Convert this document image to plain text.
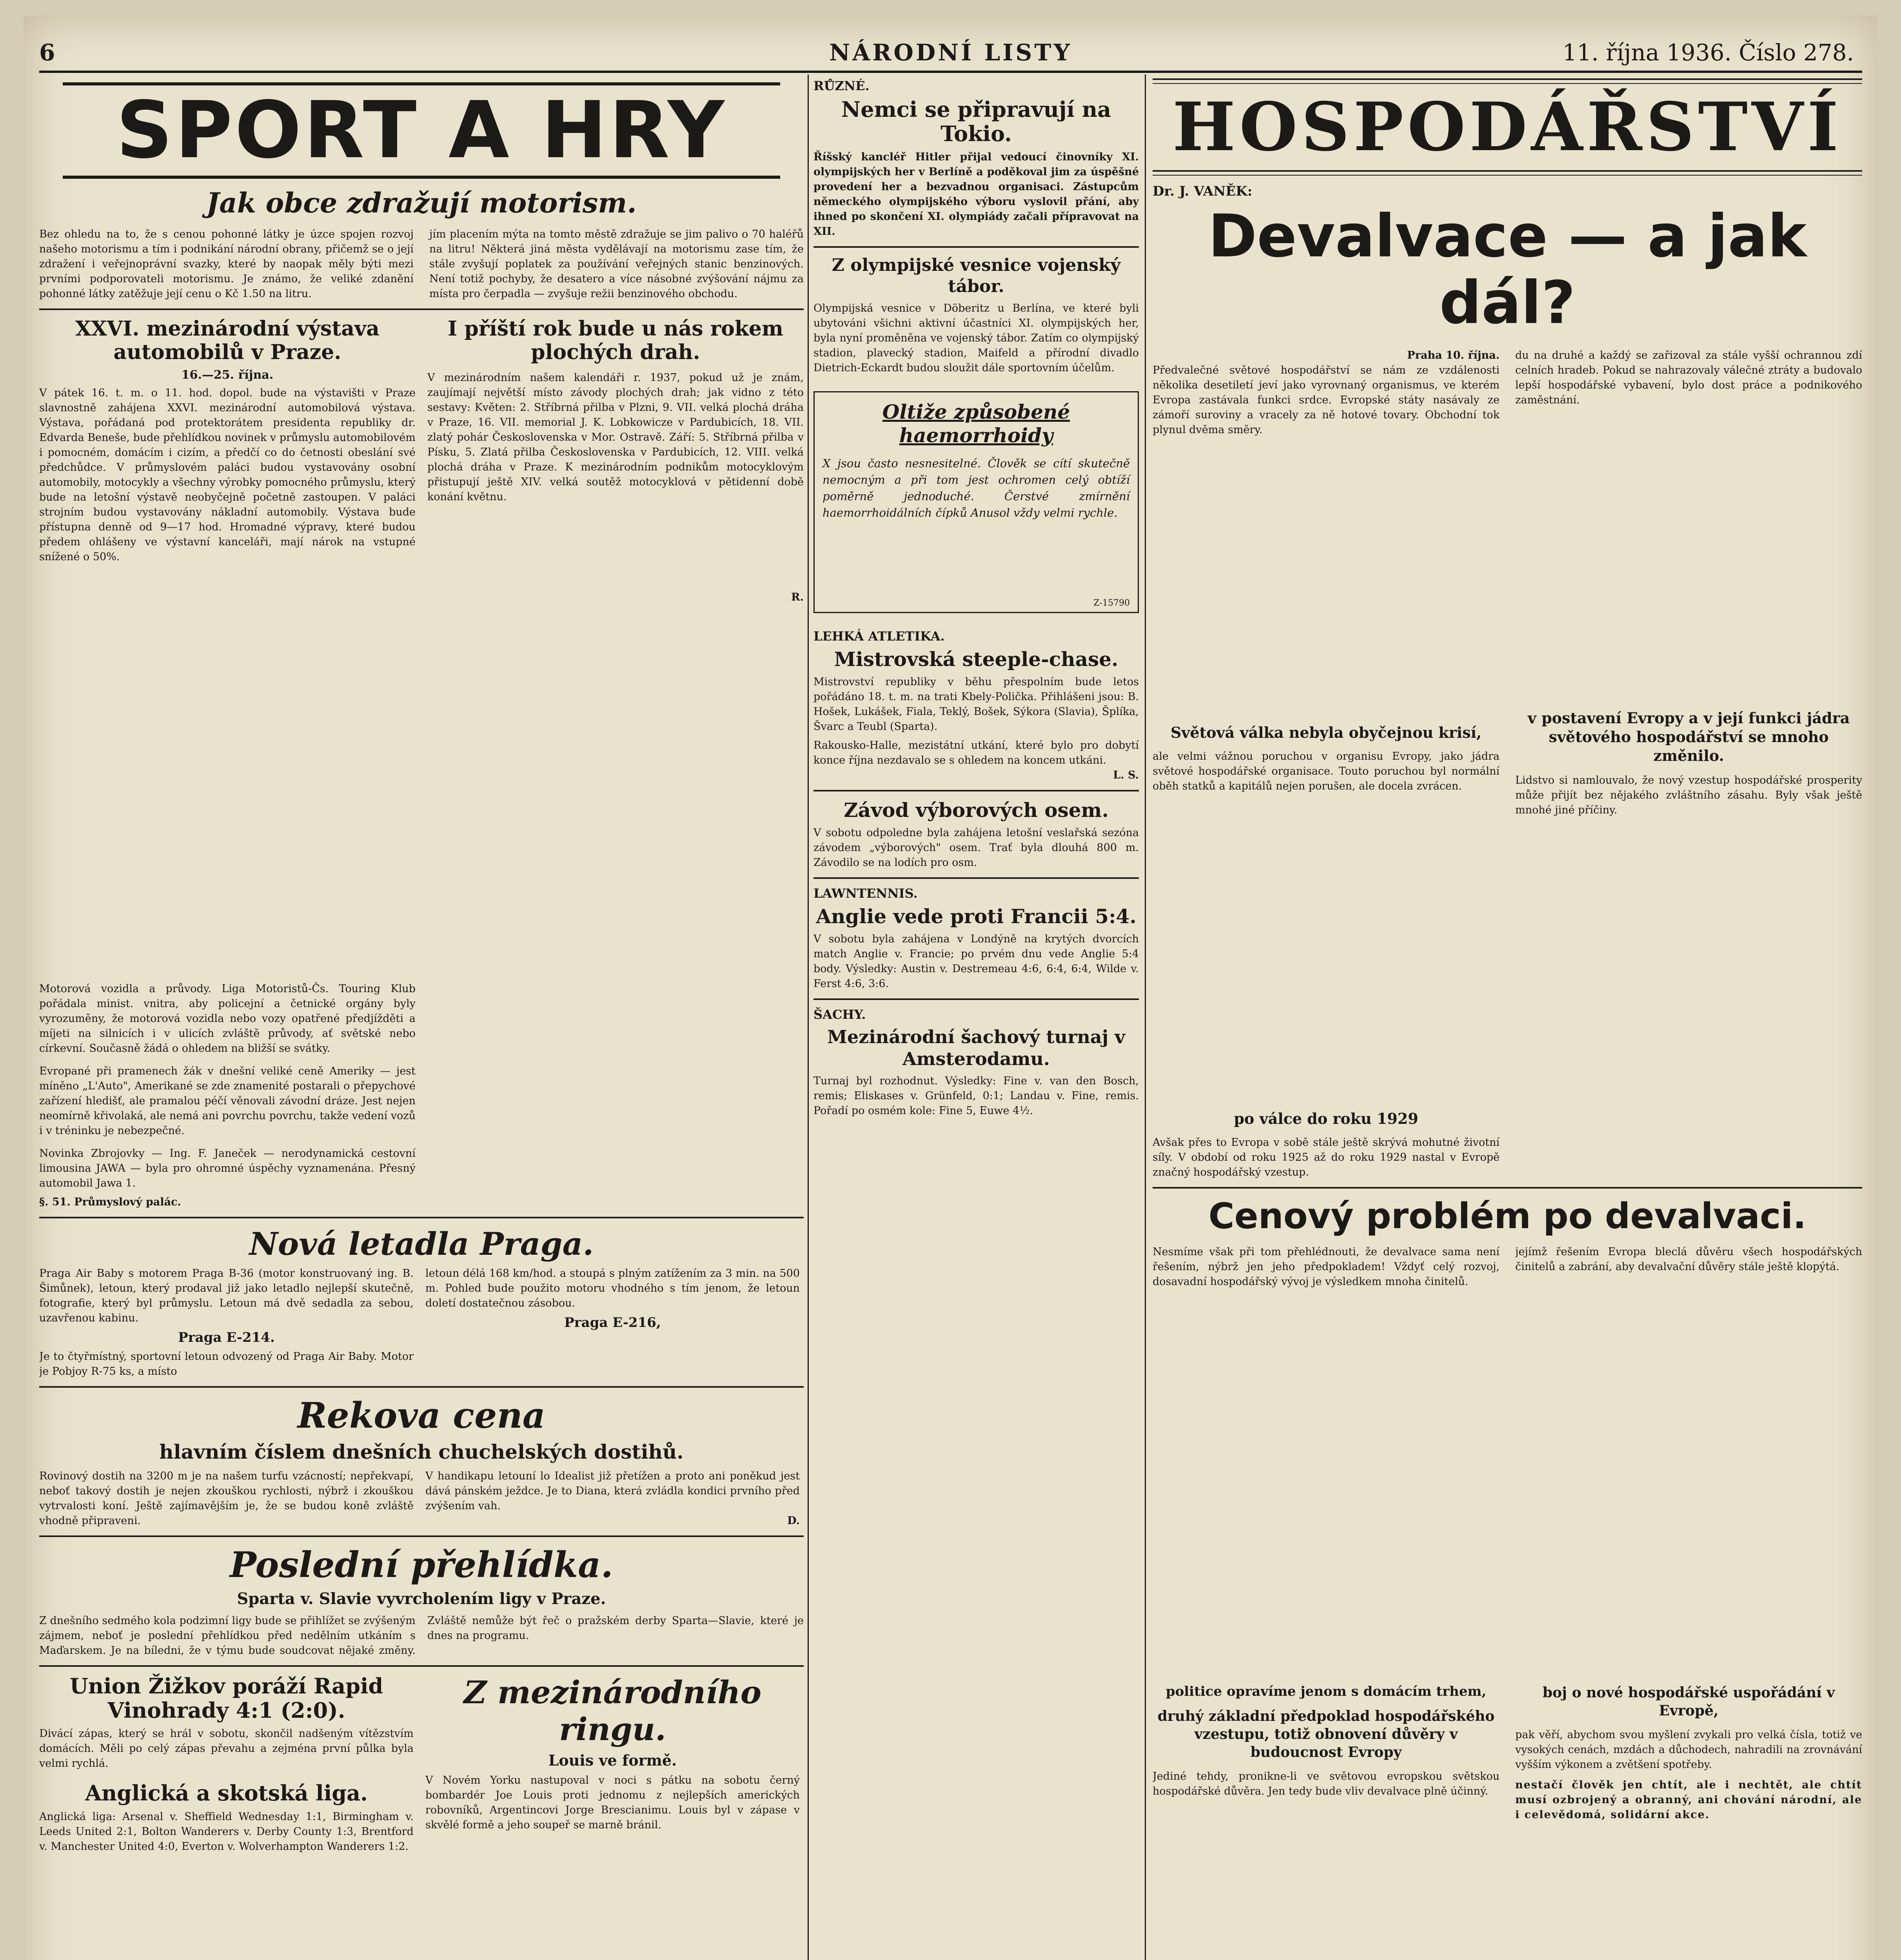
6	NÁRODNÍ LISTY	11. října 1936. Číslo 278.
SPORT A HRY
Jak obce zdražují motorism.
Bez ohledu na to, že s cenou pohonné látky je úzce spojen rozvoj našeho motorismu a tím i podnikání národní obrany, přičemž se o její zdražení i veřejnoprávní svazky, které by naopak měly býti mezi prvními podporovateli motorismu. Je známo, že veliké zdanění pohonné látky zatěžuje její cenu o Kč 1.50 na litru.
jím placením mýta na tomto městě zdražuje se jim palivo o 70 haléřů na litru! Některá jiná města vydělávají na motorismu zase tím, že stále zvyšují poplatek za používání veřejných stanic benzinových. Není totiž pochyby, že desatero a více násobné zvýšování nájmu za místa pro čerpadla — zvyšuje režii benzinového obchodu.
XXVI. mezinárodní výstava automobilů v Praze.
16.—25. října.
V pátek 16. t. m. o 11. hod. dopol. bude na výstavišti v Praze slavnostně zahájena XXVI. mezinárodní automobilová výstava. Výstava, pořádaná pod protektorátem presidenta republiky dr. Edvarda Beneše, bude přehlídkou novinek v průmyslu automobilovém i pomocném, domácím i cizím, a předčí co do četnosti obeslání své předchůdce. V průmyslovém paláci budou vystavovány osobní automobily, motocykly a všechny výrobky pomocného průmyslu, který bude na letošní výstavě neobyčejně početně zastoupen. V paláci strojním budou vystavovány nákladní automobily. Výstava bude přístupna denně od 9—17 hod. Hromadné výpravy, které budou předem ohlášeny ve výstavní kanceláři, mají nárok na vstupné snížené o 50%.
Motorová vozidla a průvody. Liga Motoristů-Čs. Touring Klub pořádala minist. vnitra, aby policejní a četnické orgány byly vyrozuměny, že motorová vozidla nebo vozy opatřené předjížděti a míjeti na silnicích i v ulicích zvláště průvody, ať světské nebo církevní. Současně žádá o ohledem na bližší se svátky.
Evropané při pramenech žák v dnešní veliké ceně Ameriky — jest míněno „L'Auto", Amerikané se zde znamenité postarali o přepychové zařízení hledišť, ale pramalou péčí věnovali závodní dráze. Jest nejen neomírně křivolaká, ale nemá ani povrchu povrchu, takže vedení vozů i v tréninku je nebezpečné.
Novinka Zbrojovky — Ing. F. Janeček — nerodynamická cestovní limousina JAWA — byla pro ohromné úspěchy vyznamenána. Přesný automobil Jawa 1.
§. 51. Průmyslový palác.
I příští rok bude u nás rokem plochých drah.
V mezinárodním našem kalendáři r. 1937, pokud už je znám, zaujímají největší místo závody plochých drah; jak vidno z této sestavy: Květen: 2. Stříbrná přilba v Plzni, 9. VII. velká plochá dráha v Praze, 16. VII. memorial J. K. Lobkowicze v Pardubicích, 18. VII. zlatý pohár Československa v Mor. Ostravě. Září: 5. Stříbrná přilba v Písku, 5. Zlatá přilba Československa v Pardubicích, 12. VIII. velká plochá dráha v Praze. K mezinárodním podnikům motocyklovým přistupují ještě XIV. velká soutěž motocyklová v pětidenní době konání květnu.
R.
Nová letadla Praga.
Praga Air Baby s motorem Praga B-36 (motor konstruovaný ing. B. Šimůnek), letoun, který prodaval již jako letadlo nejlepší skutečně, fotografie, který byl průmyslu. Letoun má dvě sedadla za sebou, uzavřenou kabinu.
Praga E-214.
Je to čtyřmístný, sportovní letoun odvozený od Praga Air Baby. Motor je Pobjoy R-75 ks, a místo
letoun délá 168 km/hod. a stoupá s plným zatížením za 3 min. na 500 m. Pohled bude použito motoru vhodného s tím jenom, že letoun doletí dostatečnou zásobou.
Praga E-216,
Rekova cena
hlavním číslem dnešních chuchelských dostihů.
Rovinový dostih na 3200 m je na našem turfu vzácností; nepřekvapí, neboť takový dostih je nejen zkouškou rychlosti, nýbrž i zkouškou vytrvalosti koní. Ještě zajímavějším je, že se budou koně zvláště vhodně připraveni.
V handikapu letouní lo Idealist již přetížen a proto ani poněkud jest dává pánském ježdce. Je to Diana, která zvládla kondici prvního před zvýšením vah.
D.
Poslední přehlídka.
Sparta v. Slavie vyvrcholením ligy v Praze.
Z dnešního sedmého kola podzimní ligy bude se přihlížet se zvýšeným zájmem, neboť je poslední přehlídkou před nedělním utkáním s Maďarskem. Je na bíledni, že v týmu bude soudcovat nějaké změny. Zvláště nemůže být řeč o pražském derby Sparta—Slavie, které je dnes na programu.
Union Žižkov poráží Rapid Vinohrady 4:1 (2:0).
Divácí zápas, který se hrál v sobotu, skončil nadšeným vítězstvím domácích. Měli po celý zápas převahu a zejména první půlka byla velmi rychlá.
Anglická a skotská liga.
Anglická liga: Arsenal v. Sheffield Wednesday 1:1, Birmingham v. Leeds United 2:1, Bolton Wanderers v. Derby County 1:3, Brentford v. Manchester United 4:0, Everton v. Wolverhampton Wanderers 1:2.
Z mezinárodního ringu.
Louis ve formě.
V Novém Yorku nastupoval v noci s pátku na sobotu černý bombardér Joe Louis proti jednomu z nejlepších amerických robovníků, Argentincovi Jorge Brescianimu. Louis byl v zápase v skvělé formě a jeho soupeř se marně bránil.
RŮZNÉ.
Nemci se připravují na Tokio.
Říšský kancléř Hitler přijal vedoucí činovníky XI. olympijských her v Berlíně a poděkoval jim za úspěšné provedení her a bezvadnou organisaci. Zástupcům německého olympijského výboru vyslovil přání, aby ihned po skončení XI. olympiády začali přípravovat na XII.
Z olympijské vesnice vojenský tábor.
Olympijská vesnice v Döberitz u Berlína, ve které byli ubytováni všichni aktivní účastníci XI. olympijských her, byla nyní proměněna ve vojenský tábor. Zatím co olympijský stadion, plavecký stadion, Maifeld a přírodní divadlo Dietrich-Eckardt budou sloužit dále sportovním účelům.
Oltiže způsobené haemorrhoidy
X jsou často nesnesitelné. Člověk se cítí skutečně nemocným a při tom jest ochromen celý obtíží poměrně jednoduché. Čerstvé zmírnění haemorrhoidálních čípků Anusol vždy velmi rychle.
Z-15790
LEHKÁ ATLETIKA.
Mistrovská steeple-chase.
Mistrovství republiky v běhu přespolním bude letos pořádáno 18. t. m. na trati Kbely-Polička. Přihlášeni jsou: B. Hošek, Lukášek, Fiala, Teklý, Bošek, Sýkora (Slavia), Šplíka, Švarc a Teubl (Sparta).
Rakousko-Halle, mezistátní utkání, které bylo pro dobytí konce října nezdavalo se s ohledem na koncem utkáni.
L. S.
Závod výborových osem.
V sobotu odpoledne byla zahájena letošní veslařská sezóna závodem „výborových" osem. Trať byla dlouhá 800 m. Závodilo se na lodích pro osm.
LAWNTENNIS.
Anglie vede proti Francii 5:4.
V sobotu byla zahájena v Londýně na krytých dvorcích match Anglie v. Francie; po prvém dnu vede Anglie 5:4 body. Výsledky: Austin v. Destremeau 4:6, 6:4, 6:4, Wilde v. Ferst 4:6, 3:6.
ŠACHY.
Mezinárodní šachový turnaj v Amsterodamu.
Turnaj byl rozhodnut. Výsledky: Fine v. van den Bosch, remis; Eliskases v. Grünfeld, 0:1; Landau v. Fine, remis. Pořadí po osmém kole: Fine 5, Euwe 4½.
HOSPODÁŘSTVÍ
Dr. J. VANĚK:
Devalvace — a jak dál?
Praha 10. října.
Předvalečné světové hospodářství se nám ze vzdálenosti několika desetiletí jeví jako vyrovnaný organismus, ve kterém Evropa zastávala funkci srdce. Evropské státy nasávaly ze zámoří suroviny a vracely za ně hotové tovary. Obchodní tok plynul dvěma směry.
Světová válka nebyla obyčejnou krisí,
ale velmi vážnou poruchou v organisu Evropy, jako jádra světové hospodářské organisace. Touto poruchou byl normální oběh statků a kapitálů nejen porušen, ale docela zvrácen.
po válce do roku 1929
Avšak přes to Evropa v sobě stále ještě skrývá mohutné životní síly. V období od roku 1925 až do roku 1929 nastal v Evropě značný hospodářský vzestup.
du na druhé a každý se zařizoval za stále vyšší ochrannou zdí celních hradeb. Pokud se nahrazovaly válečné ztráty a budovalo lepší hospodářské vybavení, bylo dost práce a podnikového zaměstnání.
v postavení Evropy a v její funkci jádra světového hospodářství se mnoho změnilo.
Lidstvo si namlouvalo, že nový vzestup hospodářské prosperity může přijít bez nějakého zvláštního zásahu. Byly však ještě mnohé jiné příčiny.
Cenový problém po devalvaci.
Nesmíme však při tom přehlédnouti, že devalvace sama není řešením, nýbrž jen jeho předpokladem! Vždyť celý rozvoj, dosavadní hospodářský vývoj je výsledkem mnoha činitelů.
politice opravíme jenom s domácím trhem,
druhý základní předpoklad hospodářského vzestupu, totiž obnovení důvěry v budoucnost Evropy
Jediné tehdy, pronikne-li ve světovou evropskou světskou hospodářské důvěra. Jen tedy bude vliv devalvace plně účinný.
jejímž řešením Evropa bleclá důvěru všech hospodářských činitelů a zabrání, aby devalvační důvěry stále ještě klopýtá.
boj o nové hospodářské uspořádání v Evropě,
pak věří, abychom svou myšlení zvykali pro velká čísla, totiž ve vysokých cenách, mzdách a důchodech, nahradili na zrovnávání vyšším výkonem a zvětšení spotřeby.
nestačí člověk jen chtít, ale i nechtět, ale chtít musí ozbrojený a obranný, ani chování národní, ale i celevědomá, solidární akce.
